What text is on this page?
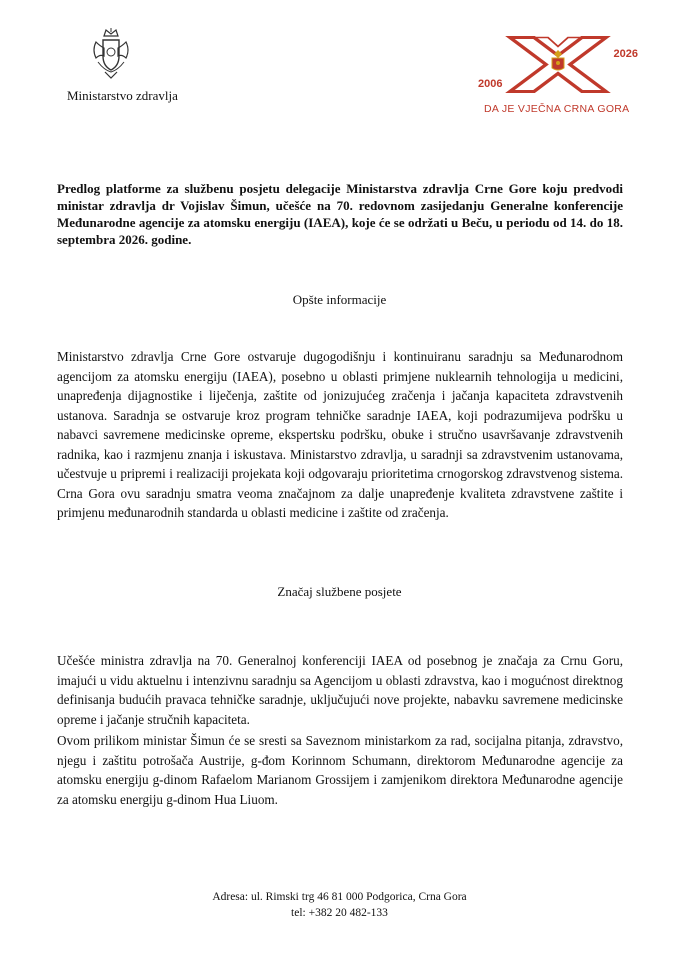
Ministarstvo zdravlja
2006
2026
DA JE VJEČNA CRNA GORA
Predlog platforme za službenu posjetu delegacije Ministarstva zdravlja Crne Gore koju predvodi ministar zdravlja dr Vojislav Šimun, učešće na 70. redovnom zasijedanju Generalne konferencije Međunarodne agencije za atomsku energiju (IAEA), koje će se održati u Beču, u periodu od 14. do 18. septembra 2026. godine.
Opšte informacije
Ministarstvo zdravlja Crne Gore ostvaruje dugogodišnju i kontinuiranu saradnju sa Međunarodnom agencijom za atomsku energiju (IAEA), posebno u oblasti primjene nuklearnih tehnologija u medicini, unapređenja dijagnostike i liječenja, zaštite od jonizujućeg zračenja i jačanja kapaciteta zdravstvenih ustanova. Saradnja se ostvaruje kroz program tehničke saradnje IAEA, koji podrazumijeva podršku u nabavci savremene medicinske opreme, ekspertsku podršku, obuke i stručno usavršavanje zdravstvenih radnika, kao i razmjenu znanja i iskustava. Ministarstvo zdravlja, u saradnji sa zdravstvenim ustanovama, učestvuje u pripremi i realizaciji projekata koji odgovaraju prioritetima crnogorskog zdravstvenog sistema. Crna Gora ovu saradnju smatra veoma značajnom za dalje unapređenje kvaliteta zdravstvene zaštite i primjenu međunarodnih standarda u oblasti medicine i zaštite od zračenja.
Značaj službene posjete
Učešće ministra zdravlja na 70. Generalnoj konferenciji IAEA od posebnog je značaja za Crnu Goru, imajući u vidu aktuelnu i intenzivnu saradnju sa Agencijom u oblasti zdravstva, kao i mogućnost direktnog definisanja budućih pravaca tehničke saradnje, uključujući nove projekte, nabavku savremene medicinske opreme i jačanje stručnih kapaciteta.
Ovom prilikom ministar Šimun će se sresti sa Saveznom ministarkom za rad, socijalna pitanja, zdravstvo, njegu i zaštitu potrošača Austrije, g-đom Korinnom Schumann, direktorom Međunarodne agencije za atomsku energiju g-dinom Rafaelom Marianom Grossijem i zamjenikom direktora Međunarodne agencije za atomsku energiju g-dinom Hua Liuom.
Adresa: ul. Rimski trg 46 81 000 Podgorica, Crna Gora
tel: +382 20 482-133
